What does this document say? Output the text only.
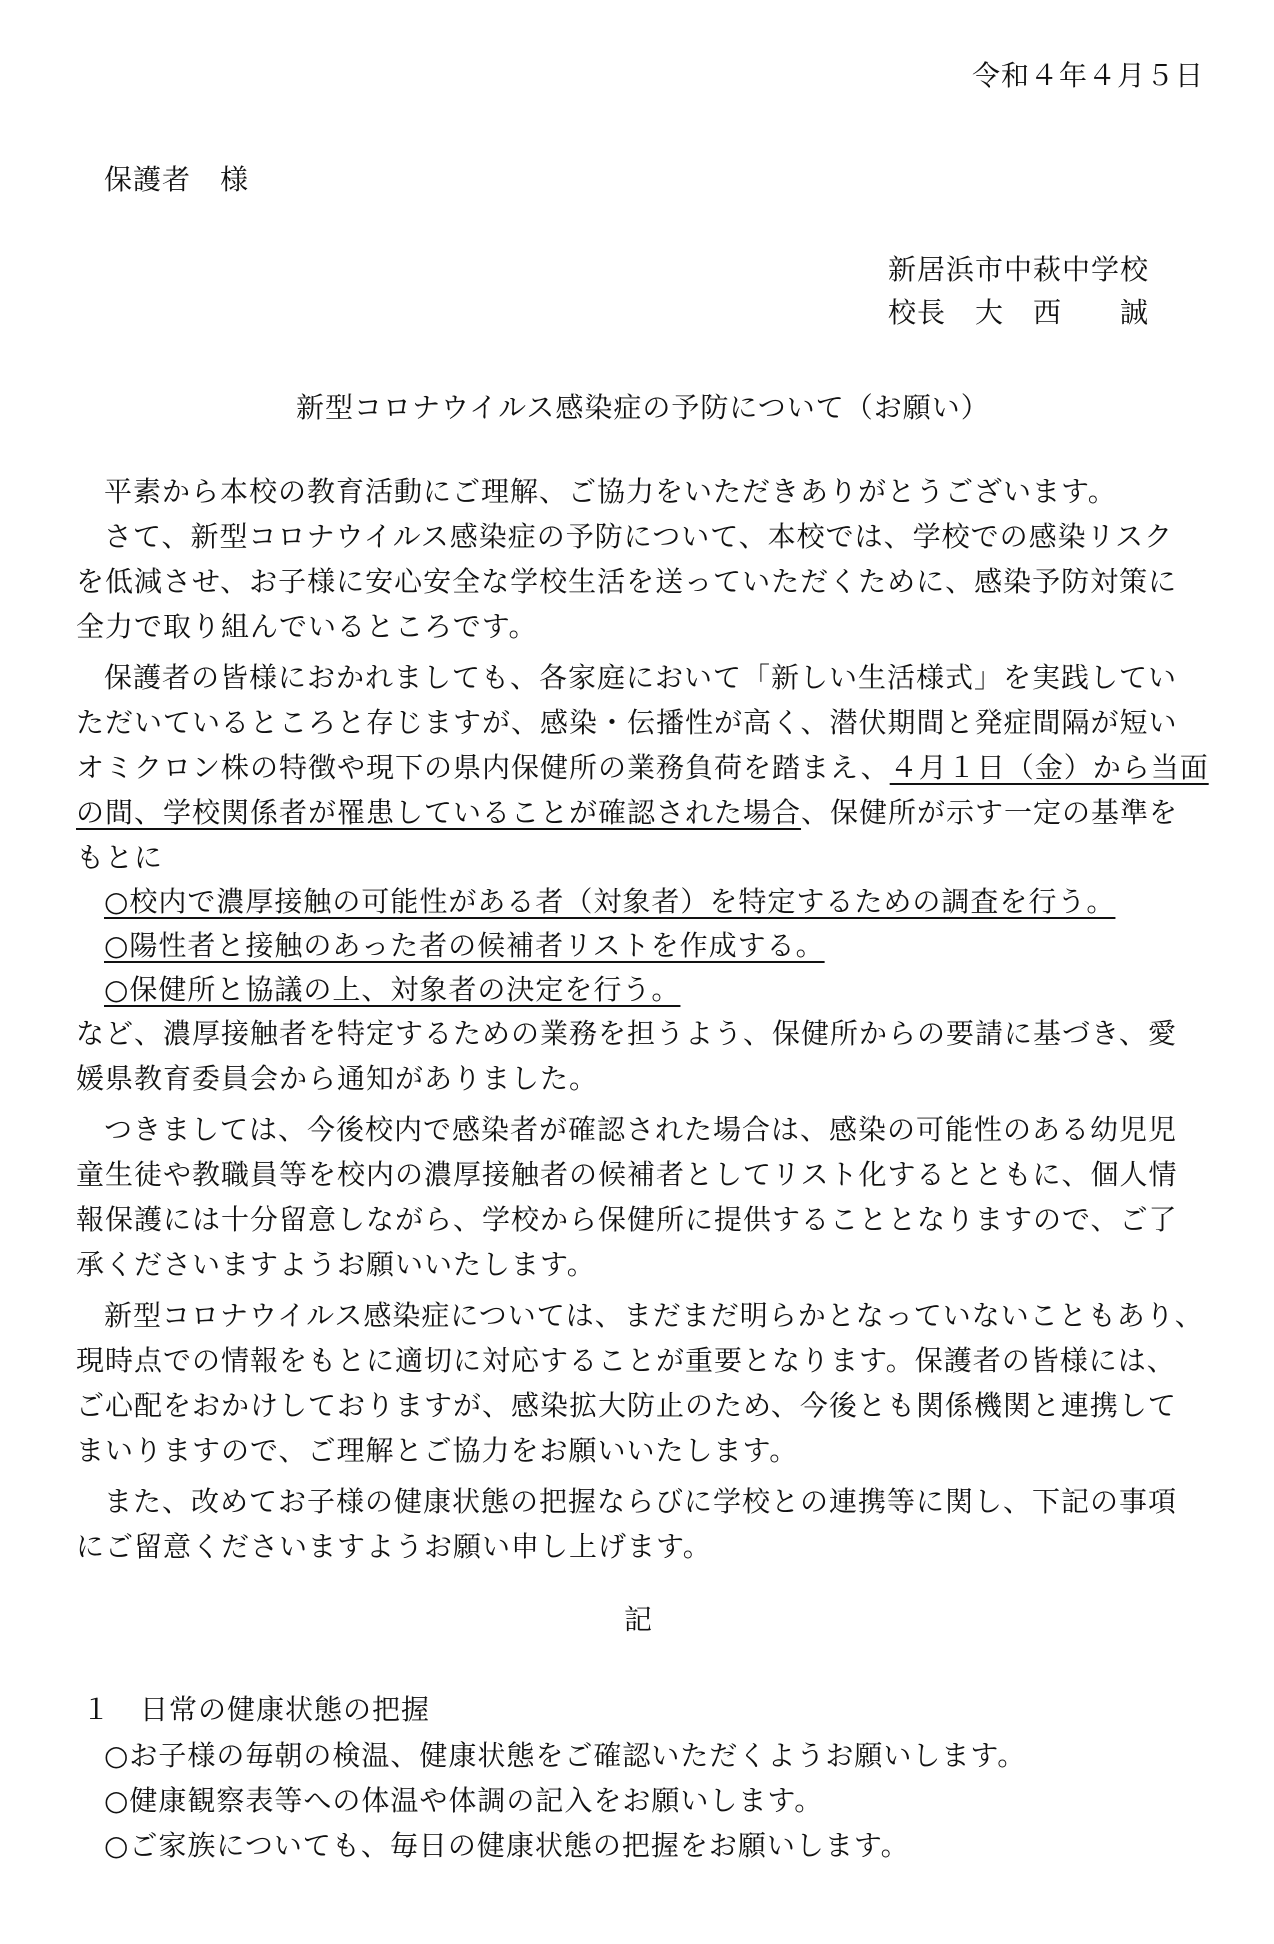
令和４年４月５日
保護者　様
新居浜市中萩中学校
校長　大　西　　誠
新型コロナウイルス感染症の予防について（お願い）
平素から本校の教育活動にご理解、ご協力をいただきありがとうございます。
さて、新型コロナウイルス感染症の予防について、本校では、学校での感染リスク
を低減させ、お子様に安心安全な学校生活を送っていただくために、感染予防対策に
全力で取り組んでいるところです。
保護者の皆様におかれましても、各家庭において「新しい生活様式」を実践してい
ただいているところと存じますが、感染・伝播性が高く、潜伏期間と発症間隔が短い
オミクロン株の特徴や現下の県内保健所の業務負荷を踏まえ、４月１日（金）から当面
の間、学校関係者が罹患していることが確認された場合、保健所が示す一定の基準を
もとに
○校内で濃厚接触の可能性がある者（対象者）を特定するための調査を行う。
○陽性者と接触のあった者の候補者リストを作成する。
○保健所と協議の上、対象者の決定を行う。
など、濃厚接触者を特定するための業務を担うよう、保健所からの要請に基づき、愛
媛県教育委員会から通知がありました。
つきましては、今後校内で感染者が確認された場合は、感染の可能性のある幼児児
童生徒や教職員等を校内の濃厚接触者の候補者としてリスト化するとともに、個人情
報保護には十分留意しながら、学校から保健所に提供することとなりますので、ご了
承くださいますようお願いいたします。
新型コロナウイルス感染症については、まだまだ明らかとなっていないこともあり、
現時点での情報をもとに適切に対応することが重要となります。保護者の皆様には、
ご心配をおかけしておりますが、感染拡大防止のため、今後とも関係機関と連携して
まいりますので、ご理解とご協力をお願いいたします。
また、改めてお子様の健康状態の把握ならびに学校との連携等に関し、下記の事項
にご留意くださいますようお願い申し上げます。
記
１ 日常の健康状態の把握
○お子様の毎朝の検温、健康状態をご確認いただくようお願いします。
○健康観察表等への体温や体調の記入をお願いします。
○ご家族についても、毎日の健康状態の把握をお願いします。
